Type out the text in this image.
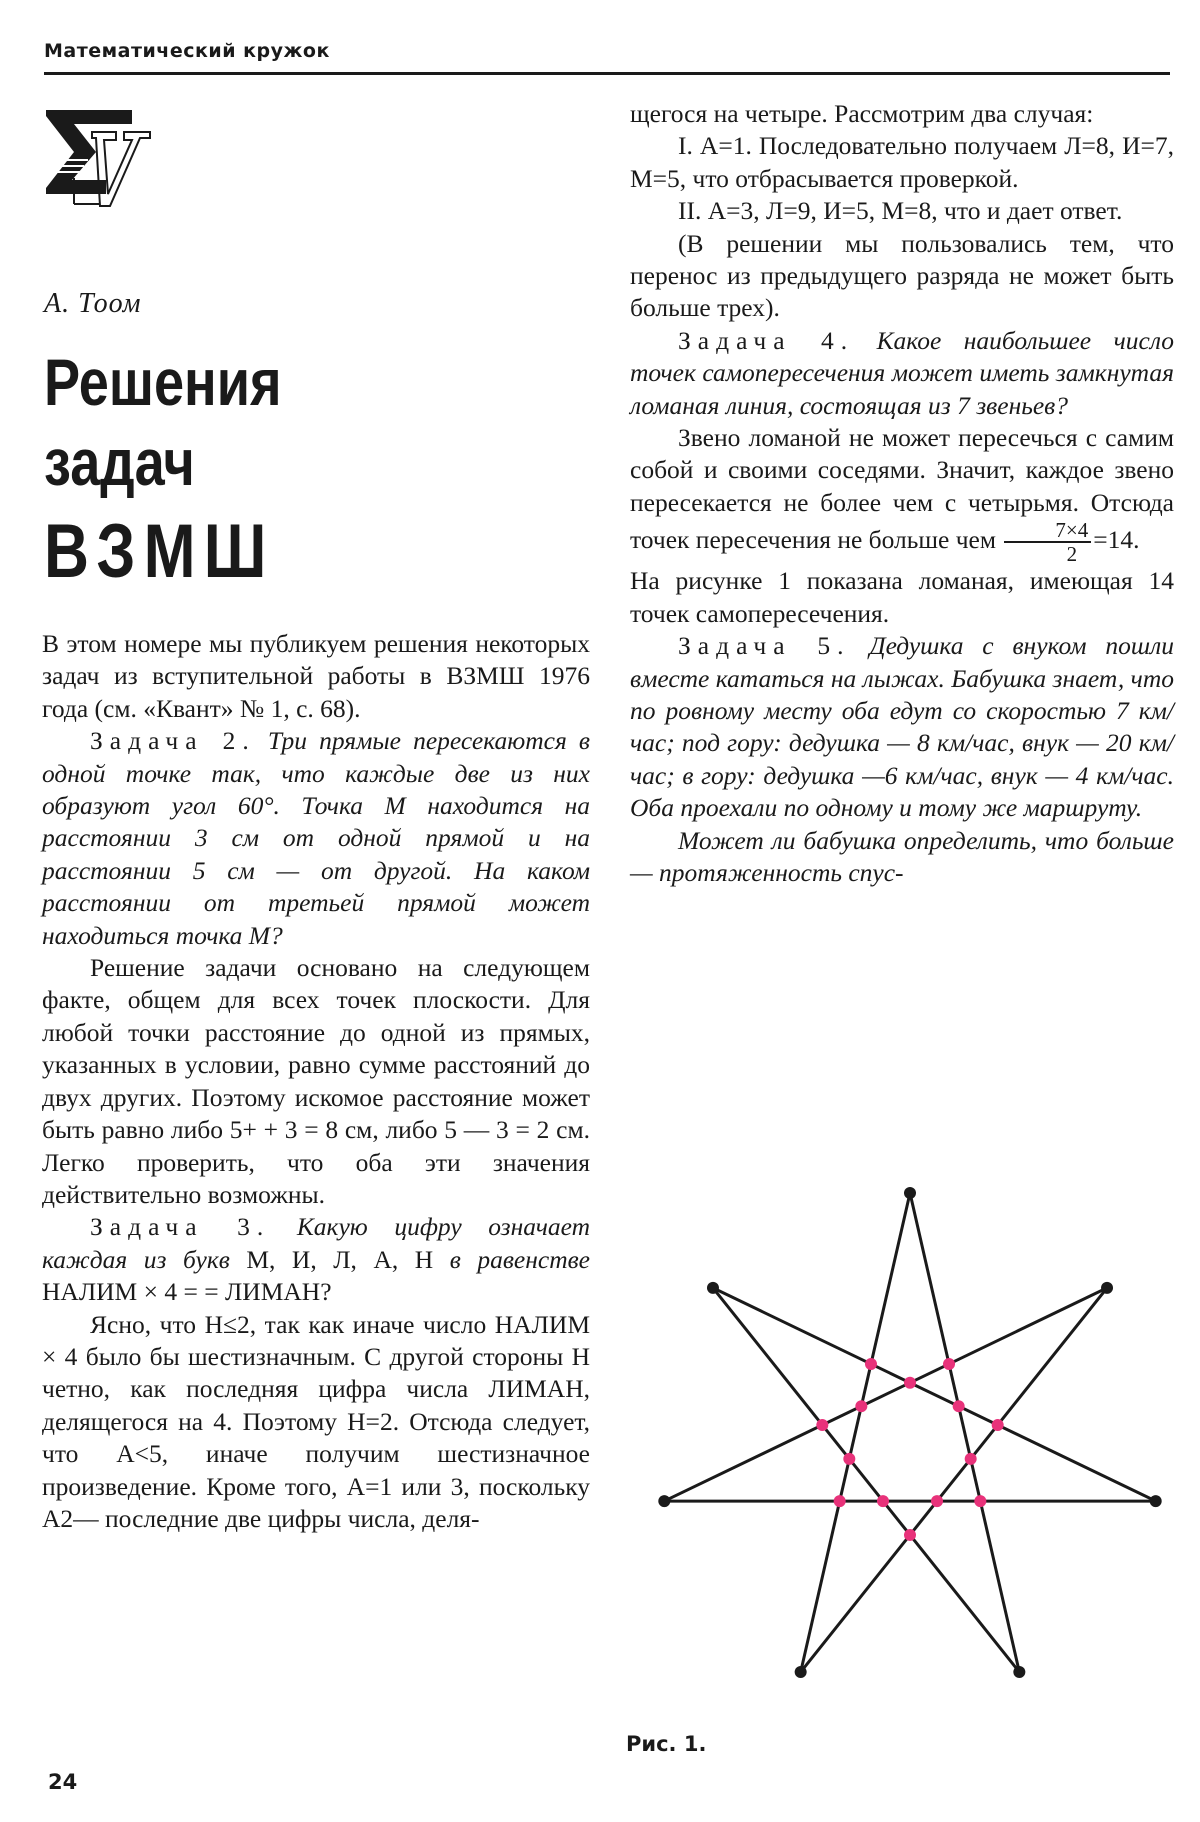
Математический кружок
А. Тоом
Решения
задач
ВЗМШ

В этом номере мы публикуем решения некоторых задач из вступительной работы в ВЗМШ 1976 года (см. «Квант» № 1, с. 68).

Задача 2. Три прямые пересекаются в одной точке так, что каждые две из них образуют угол 60°. Точка М находится на расстоянии 3 см от одной прямой и на расстоянии 5 см — от другой. На каком расстоянии от третьей прямой может находиться точка М?

Решение задачи основано на следующем факте, общем для всех точек плоскости. Для любой точки расстояние до одной из прямых, указанных в условии, равно сумме расстояний до двух других. Поэтому искомое расстояние может быть равно либо 5+ + 3 = 8 см, либо 5 — 3 = 2 см. Легко проверить, что оба эти значения действительно возможны.

Задача 3. Какую цифру означает каждая из букв М, И, Л, А, Н в равенстве НАЛИМ × 4 = = ЛИМАН?

Ясно, что Н≤2, так как иначе число НАЛИМ × 4 было бы шестизначным. С другой стороны Н четно, как последняя цифра числа ЛИМАН, делящегося на 4. Поэтому Н=2. Отсюда следует, что А<5, иначе получим шестизначное произведение. Кроме того, А=1 или 3, поскольку А2— последние две цифры числа, деля-

щегося на четыре. Рассмотрим два случая:

I. А=1. Последовательно получаем Л=8, И=7, М=5, что отбрасывается проверкой.

II. А=3, Л=9, И=5, М=8, что и дает ответ.

(В решении мы пользовались тем, что перенос из предыдущего разряда не может быть больше трех).

Задача 4. Какое наибольшее число точек самопересечения может иметь замкнутая ломаная линия, состоящая из 7 звеньев?

Звено ломаной не может пересечься с самим собой и своими соседями. Значит, каждое звено пересекается не более чем с четырьмя. Отсюда точек пересечения не больше чем $\frac{7\times 4}{2} =14$.

На рисунке 1 показана ломаная, имеющая 14 точек самопересечения.

Задача 5. Дедушка с внуком пошли вместе кататься на лыжах. Бабушка знает, что по ровному месту оба едут со скоростью 7 км/час; под гору: дедушка — 8 км/час, внук — 20 км/час; в гору: дедушка —6 км/час, внук — 4 км/час. Оба проехали по одному и тому же маршруту.

Может ли бабушка определить, что больше — протяженность спус-

Рис. 1.
24
